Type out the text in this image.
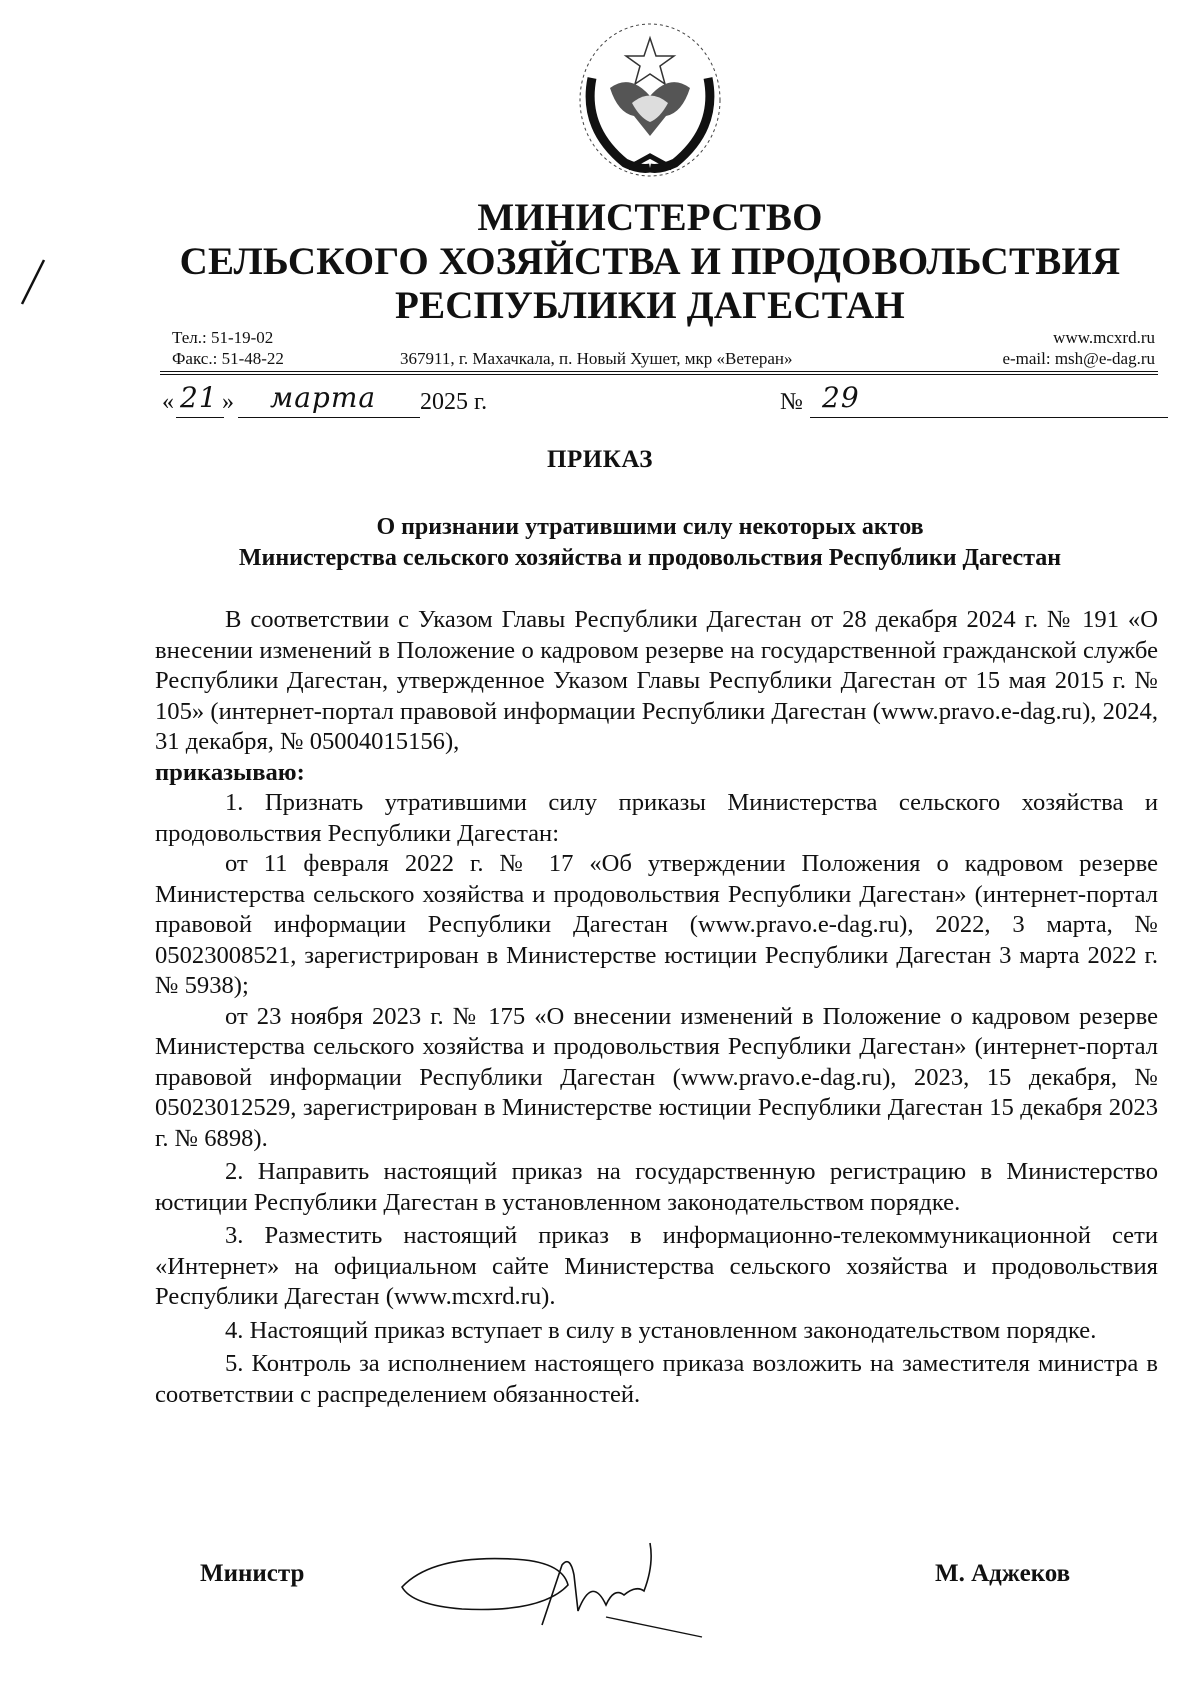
МИНИСТЕРСТВО
СЕЛЬСКОГО ХОЗЯЙСТВА И ПРОДОВОЛЬСТВИЯ
РЕСПУБЛИКИ ДАГЕСТАН
Тел.: 51-19-02
Факс.: 51-48-22	367911, г. Махачкала, п. Новый Хушет, мкр «Ветеран»
www.mcxrd.ru
e-mail: msh@e-dag.ru
« 21 » марта 2025 г.	№ 29
ПРИКАЗ
О признании утратившими силу некоторых актов
Министерства сельского хозяйства и продовольствия Республики Дагестан

В соответствии с Указом Главы Республики Дагестан от 28 декабря 2024 г. № 191 «О внесении изменений в Положение о кадровом резерве на государственной гражданской службе Республики Дагестан, утвержденное Указом Главы Республики Дагестан от 15 мая 2015 г. № 105» (интернет-портал правовой информации Республики Дагестан (www.pravo.e-dag.ru), 2024, 31 декабря, № 05004015156),

приказываю:

1. Признать утратившими силу приказы Министерства сельского хозяйства и продовольствия Республики Дагестан:

от 11 февраля 2022 г. № 17 «Об утверждении Положения о кадровом резерве Министерства сельского хозяйства и продовольствия Республики Дагестан» (интернет-портал правовой информации Республики Дагестан (www.pravo.e-dag.ru), 2022, 3 марта, № 05023008521, зарегистрирован в Министерстве юстиции Республики Дагестан 3 марта 2022 г. № 5938);

от 23 ноября 2023 г. № 175 «О внесении изменений в Положение о кадровом резерве Министерства сельского хозяйства и продовольствия Республики Дагестан» (интернет-портал правовой информации Республики Дагестан (www.pravo.e-dag.ru), 2023, 15 декабря, № 05023012529, зарегистрирован в Министерстве юстиции Республики Дагестан 15 декабря 2023 г. № 6898).

2. Направить настоящий приказ на государственную регистрацию в Министерство юстиции Республики Дагестан в установленном законодательством порядке.

3. Разместить настоящий приказ в информационно-телекоммуникационной сети «Интернет» на официальном сайте Министерства сельского хозяйства и продовольствия Республики Дагестан (www.mcxrd.ru).

4. Настоящий приказ вступает в силу в установленном законодательством порядке.

5. Контроль за исполнением настоящего приказа возложить на заместителя министра в соответствии с распределением обязанностей.

Министр	М. Аджеков
